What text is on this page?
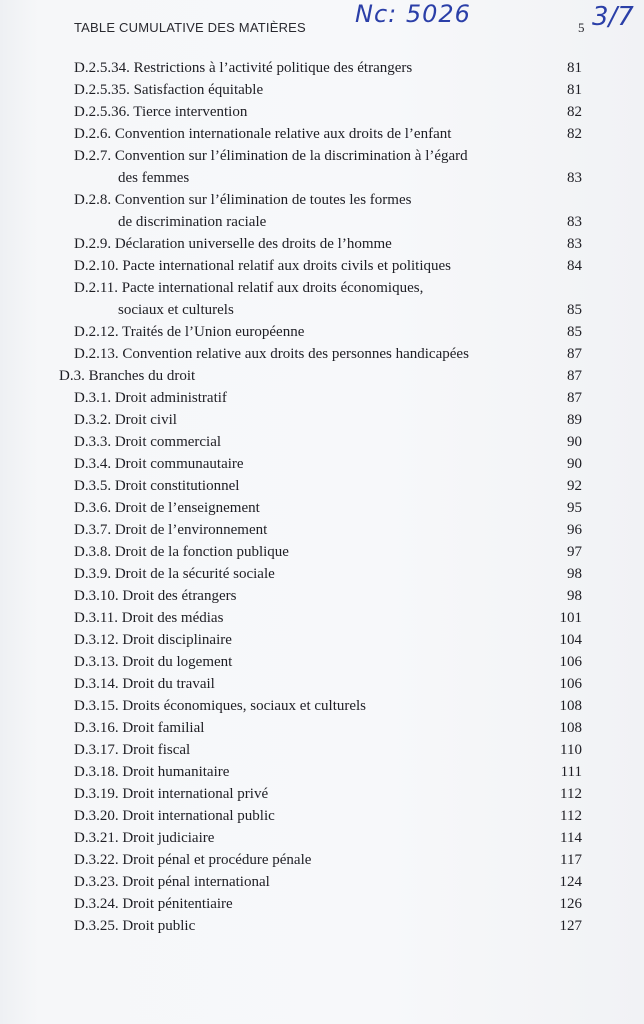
TABLE CUMULATIVE DES MATIÈRES Nc: 5026	5 3/7
D.2.5.34. Restrictions à l’activité politique des étrangers	81
D.2.5.35. Satisfaction équitable	81
D.2.5.36. Tierce intervention	82
D.2.6. Convention internationale relative aux droits de l’enfant	82
D.2.7. Convention sur l’élimination de la discrimination à l’égard
des femmes	83
D.2.8. Convention sur l’élimination de toutes les formes
de discrimination raciale	83
D.2.9. Déclaration universelle des droits de l’homme	83
D.2.10. Pacte international relatif aux droits civils et politiques	84
D.2.11. Pacte international relatif aux droits économiques,
sociaux et culturels	85
D.2.12. Traités de l’Union européenne	85
D.2.13. Convention relative aux droits des personnes handicapées	87
D.3. Branches du droit	87
D.3.1. Droit administratif	87
D.3.2. Droit civil	89
D.3.3. Droit commercial	90
D.3.4. Droit communautaire	90
D.3.5. Droit constitutionnel	92
D.3.6. Droit de l’enseignement	95
D.3.7. Droit de l’environnement	96
D.3.8. Droit de la fonction publique	97
D.3.9. Droit de la sécurité sociale	98
D.3.10. Droit des étrangers	98
D.3.11. Droit des médias	101
D.3.12. Droit disciplinaire	104
D.3.13. Droit du logement	106
D.3.14. Droit du travail	106
D.3.15. Droits économiques, sociaux et culturels	108
D.3.16. Droit familial	108
D.3.17. Droit fiscal	110
D.3.18. Droit humanitaire	111
D.3.19. Droit international privé	112
D.3.20. Droit international public	112
D.3.21. Droit judiciaire	114
D.3.22. Droit pénal et procédure pénale	117
D.3.23. Droit pénal international	124
D.3.24. Droit pénitentiaire	126
D.3.25. Droit public	127
